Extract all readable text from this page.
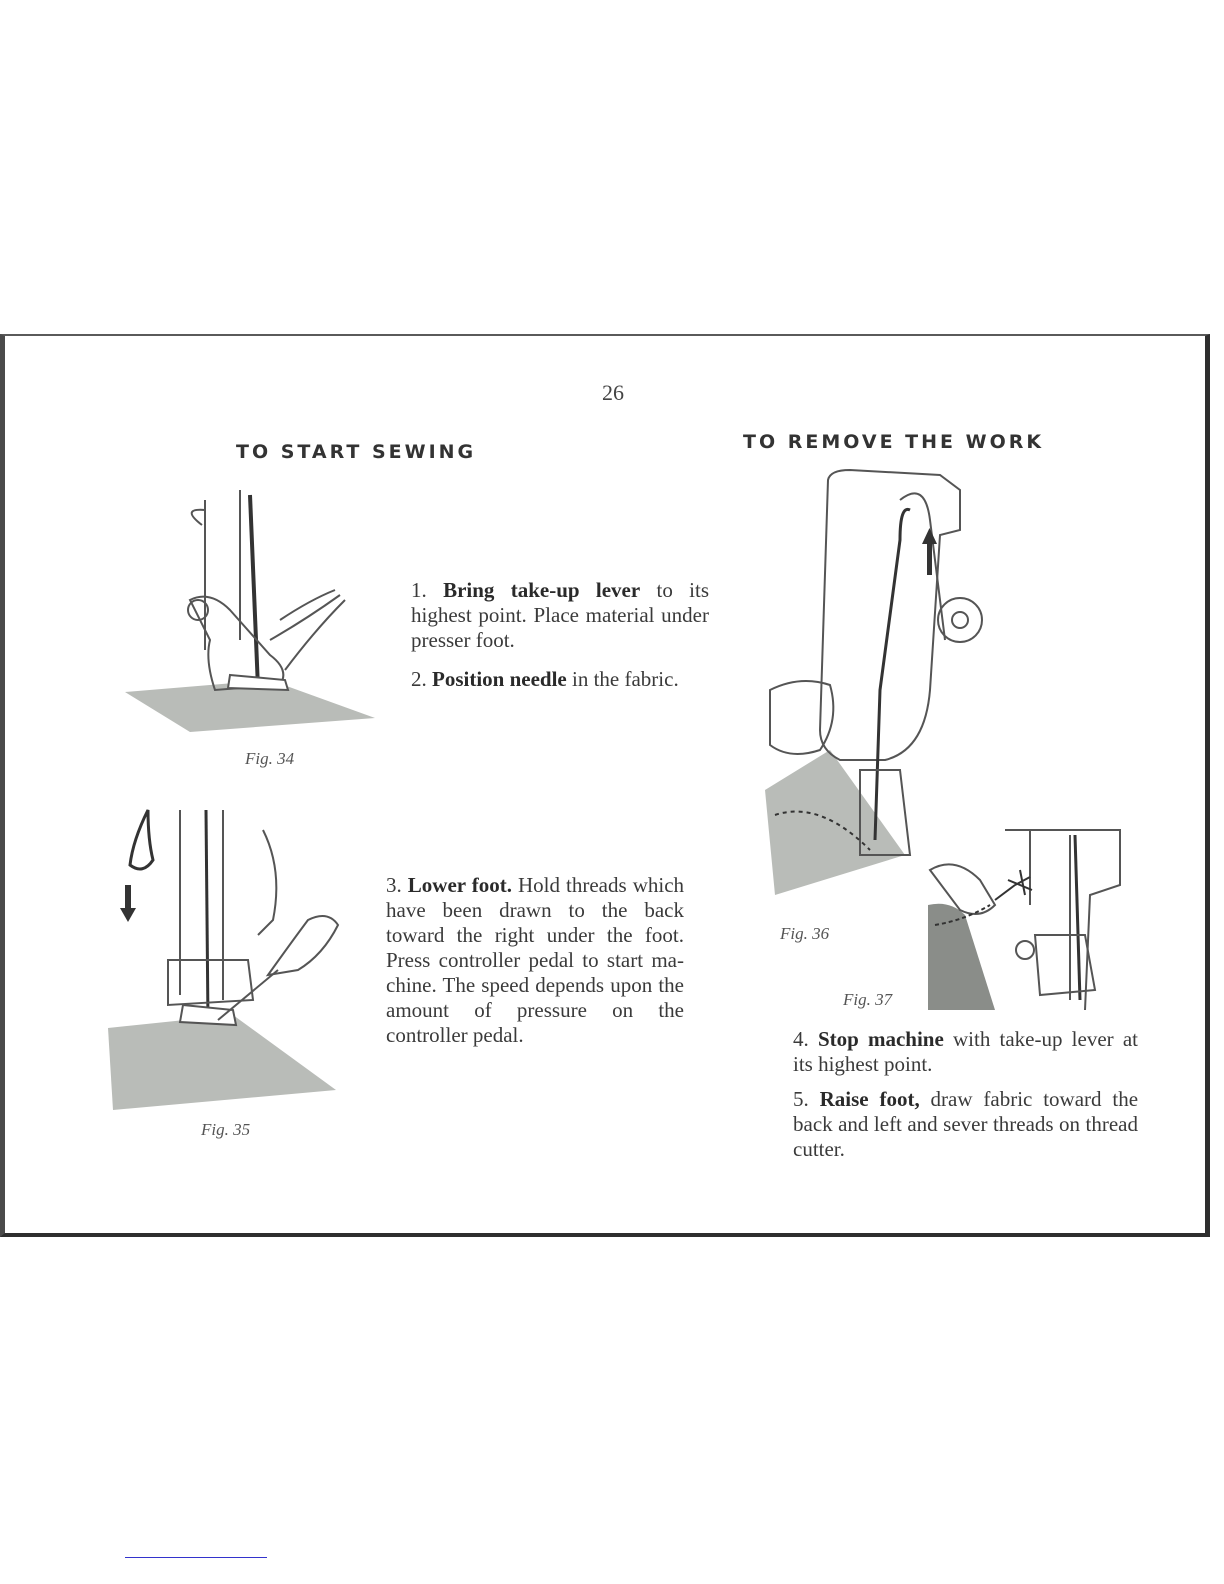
26
TO START SEWING	TO REMOVE THE WORK
Fig. 34
Fig. 35
Fig. 36
Fig. 37
1. Bring take-up lever to its highest point. Place material under presser foot.
2. Position needle in the fabric.
3. Lower foot. Hold threads which have been drawn to the back toward the right under the foot. Press controller pedal to start machine. The speed depends upon the amount of pressure on the controller pedal.	4. Stop machine with take-up lever at its highest point.
5. Raise foot, draw fabric toward the back and left and sever threads on thread cutter.
